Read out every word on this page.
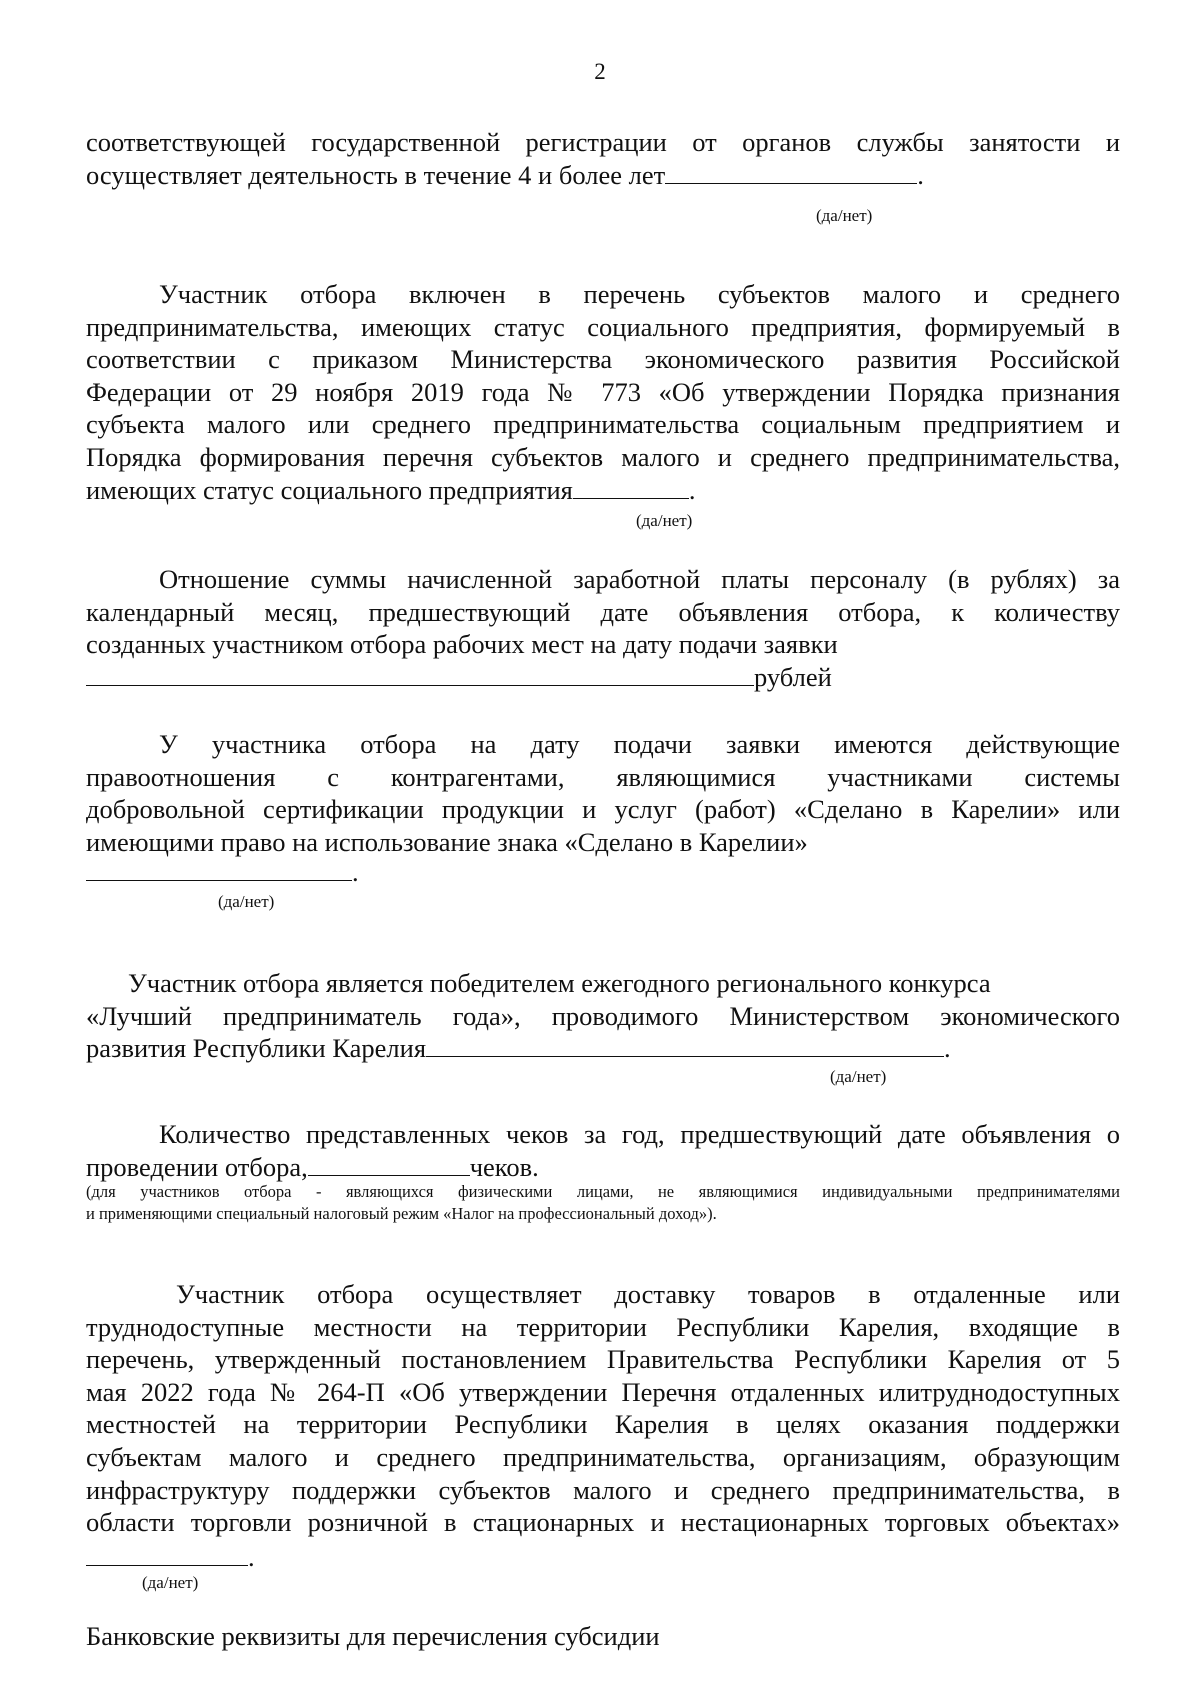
2
соответствующей государственной регистрации от органов службы занятости и
осуществляет деятельность в течение 4 и более лет	.
(да/нет)
Участник отбора включен в перечень субъектов малого и среднего
предпринимательства, имеющих статус социального предприятия, формируемый в
соответствии с приказом Министерства экономического развития Российской
Федерации от 29 ноября 2019 года № 773 «Об утверждении Порядка признания
субъекта малого или среднего предпринимательства социальным предприятием и
Порядка формирования перечня субъектов малого и среднего предпринимательства,
имеющих статус социального предприятия	.
(да/нет)
Отношение суммы начисленной заработной платы персоналу (в рублях) за
календарный месяц, предшествующий дате объявления отбора, к количеству
созданных участником отбора рабочих мест на дату подачи заявки
рублей
У участника отбора на дату подачи заявки имеются действующие
правоотношения с контрагентами, являющимися участниками системы
добровольной сертификации продукции и услуг (работ) «Сделано в Карелии» или
имеющими право на использование знака «Сделано в Карелии»
.
(да/нет)
Участник отбора является победителем ежегодного регионального конкурса
«Лучший предприниматель года», проводимого Министерством экономического
развития Республики Карелия	.
(да/нет)
Количество представленных чеков за год, предшествующий дате объявления о
проведении отбора,	чеков.
(для участников отбора - являющихся физическими лицами, не являющимися индивидуальными предпринимателями
и применяющими специальный налоговый режим «Налог на профессиональный доход»).
Участник отбора осуществляет доставку товаров в отдаленные или
труднодоступные местности на территории Республики Карелия, входящие в
перечень, утвержденный постановлением Правительства Республики Карелия от 5
мая 2022 года № 264-П «Об утверждении Перечня отдаленных илитруднодоступных
местностей на территории Республики Карелия в целях оказания поддержки
субъектам малого и среднего предпринимательства, организациям, образующим
инфраструктуру поддержки субъектов малого и среднего предпринимательства, в
области торговли розничной в стационарных и нестационарных торговых объектах»
.
(да/нет)
Банковские реквизиты для перечисления субсидии
